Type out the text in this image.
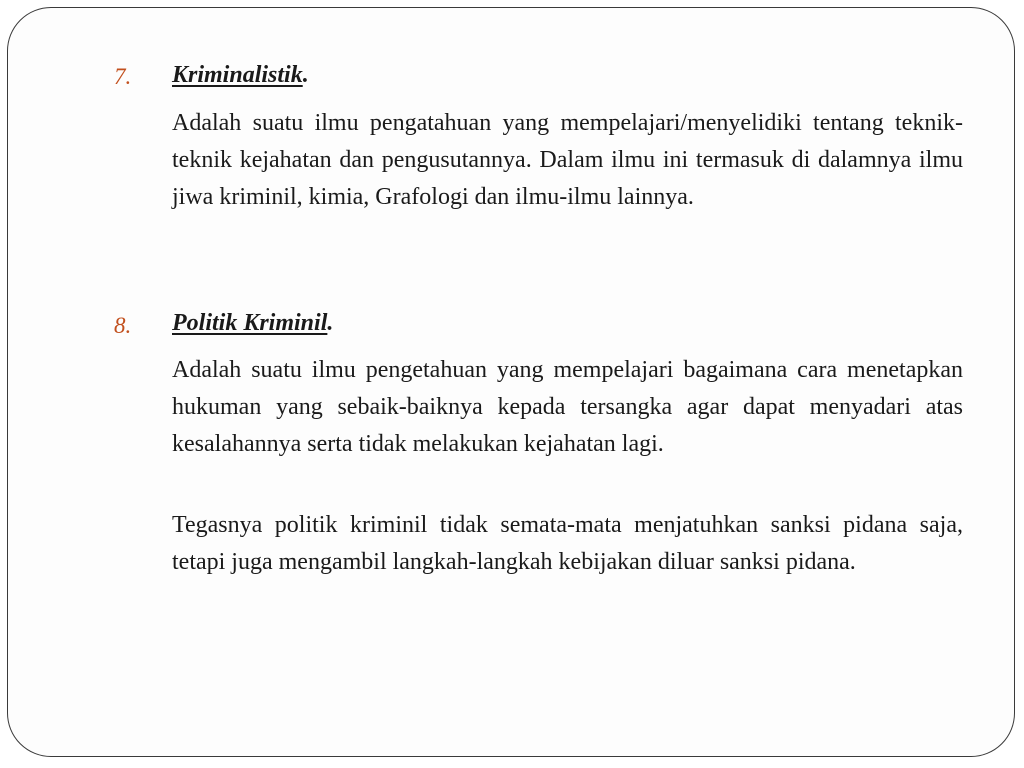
7. Kriminalistik.

Adalah suatu ilmu pengatahuan yang mempelajari/menyelidiki tentang teknik-teknik kejahatan dan pengusutannya. Dalam ilmu ini termasuk di dalamnya ilmu jiwa kriminil, kimia, Grafologi dan ilmu-ilmu lainnya.

8. Politik Kriminil.

Adalah suatu ilmu pengetahuan yang mempelajari bagaimana cara menetapkan hukuman yang sebaik-baiknya kepada tersangka agar dapat menyadari atas kesalahannya serta tidak melakukan kejahatan lagi.

Tegasnya politik kriminil tidak semata-mata menjatuhkan sanksi pidana saja, tetapi juga mengambil langkah-langkah kebijakan diluar sanksi pidana.
